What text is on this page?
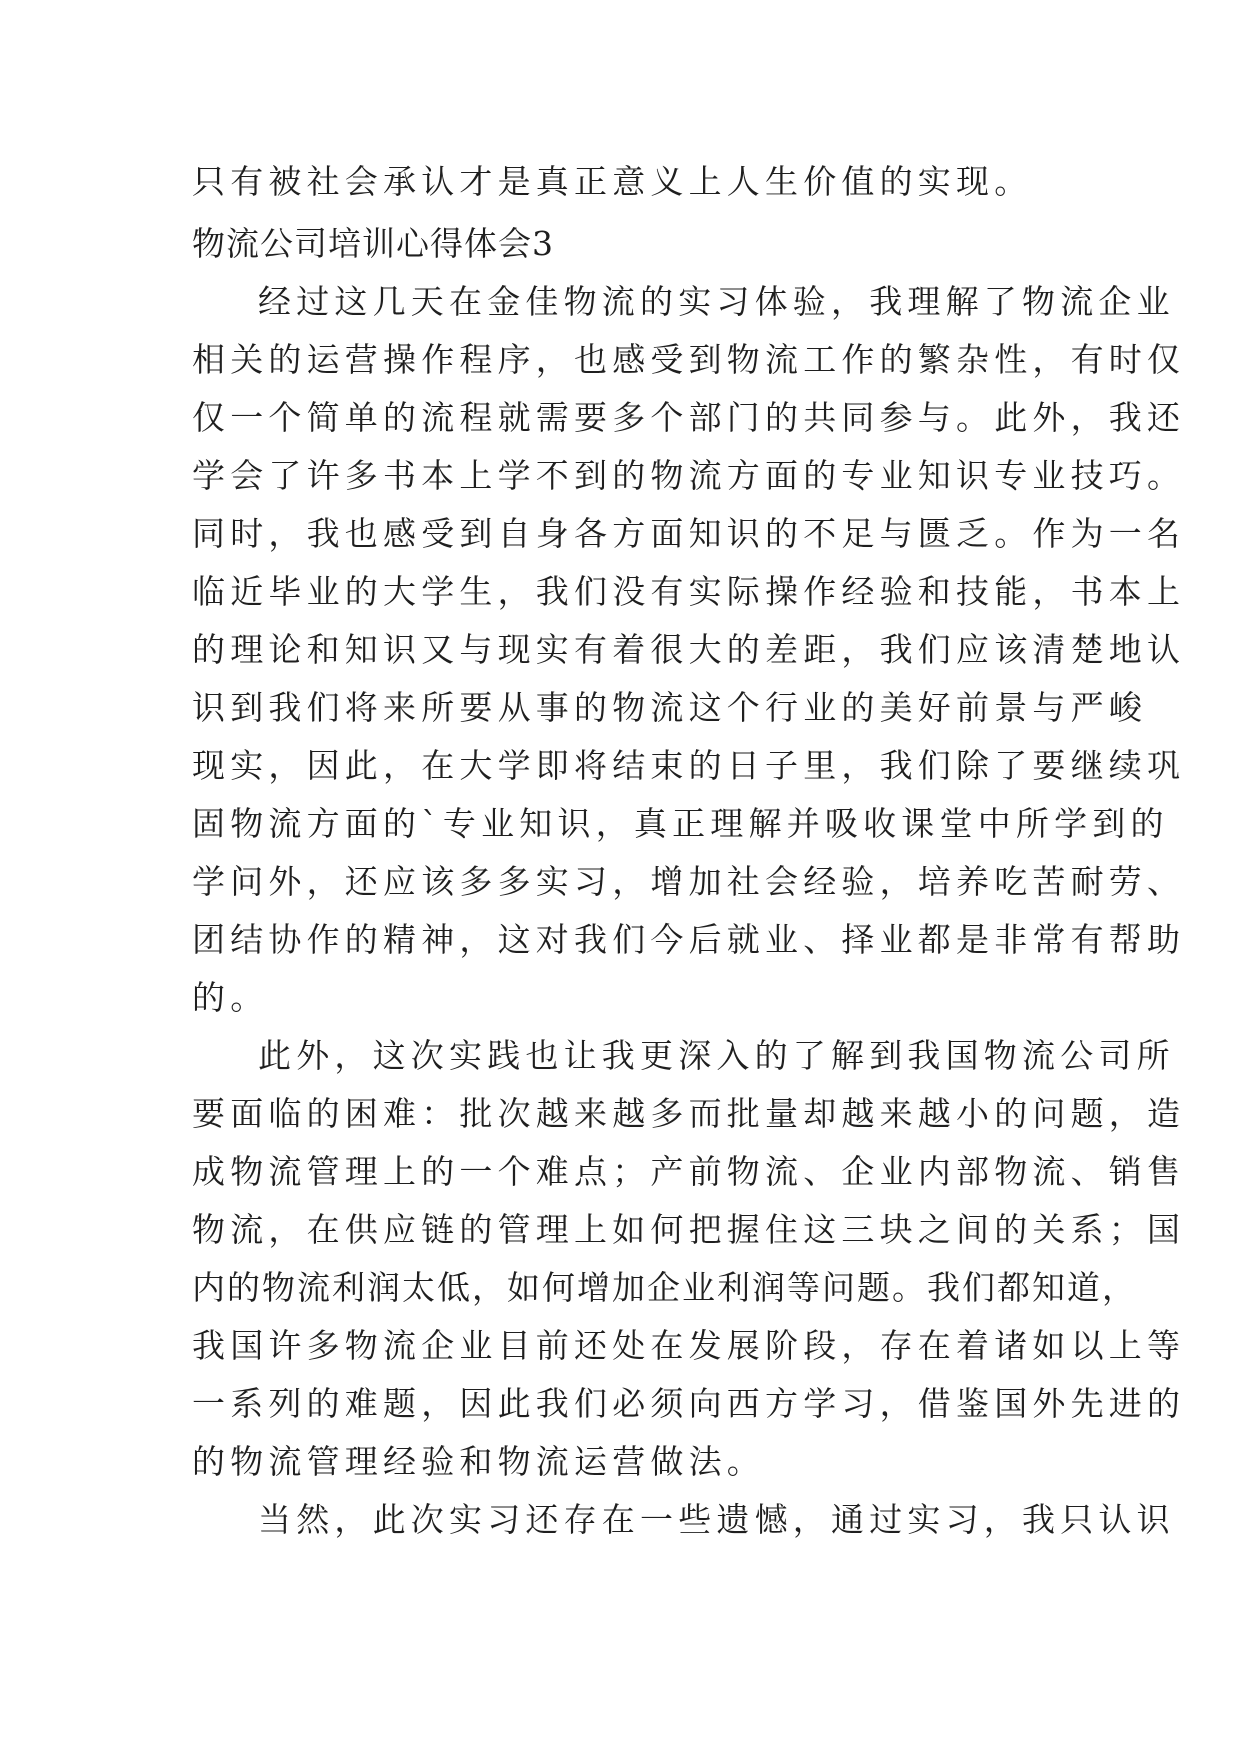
只有被社会承认才是真正意义上人生价值的实现。
物流公司培训心得体会3
经过这几天在金佳物流的实习体验，我理解了物流企业
相关的运营操作程序，也感受到物流工作的繁杂性，有时仅
仅一个简单的流程就需要多个部门的共同参与。此外，我还
学会了许多书本上学不到的物流方面的专业知识专业技巧。
同时，我也感受到自身各方面知识的不足与匮乏。作为一名
临近毕业的大学生，我们没有实际操作经验和技能，书本上
的理论和知识又与现实有着很大的差距，我们应该清楚地认
识到我们将来所要从事的物流这个行业的美好前景与严峻
现实，因此，在大学即将结束的日子里，我们除了要继续巩
固物流方面的`专业知识，真正理解并吸收课堂中所学到的
学问外，还应该多多实习，增加社会经验，培养吃苦耐劳、
团结协作的精神，这对我们今后就业、择业都是非常有帮助
的。
此外，这次实践也让我更深入的了解到我国物流公司所
要面临的困难：批次越来越多而批量却越来越小的问题，造
成物流管理上的一个难点；产前物流、企业内部物流、销售
物流，在供应链的管理上如何把握住这三块之间的关系；国
内的物流利润太低，如何增加企业利润等问题。我们都知道，
我国许多物流企业目前还处在发展阶段，存在着诸如以上等
一系列的难题，因此我们必须向西方学习，借鉴国外先进的
的物流管理经验和物流运营做法。
当然，此次实习还存在一些遗憾，通过实习，我只认识
